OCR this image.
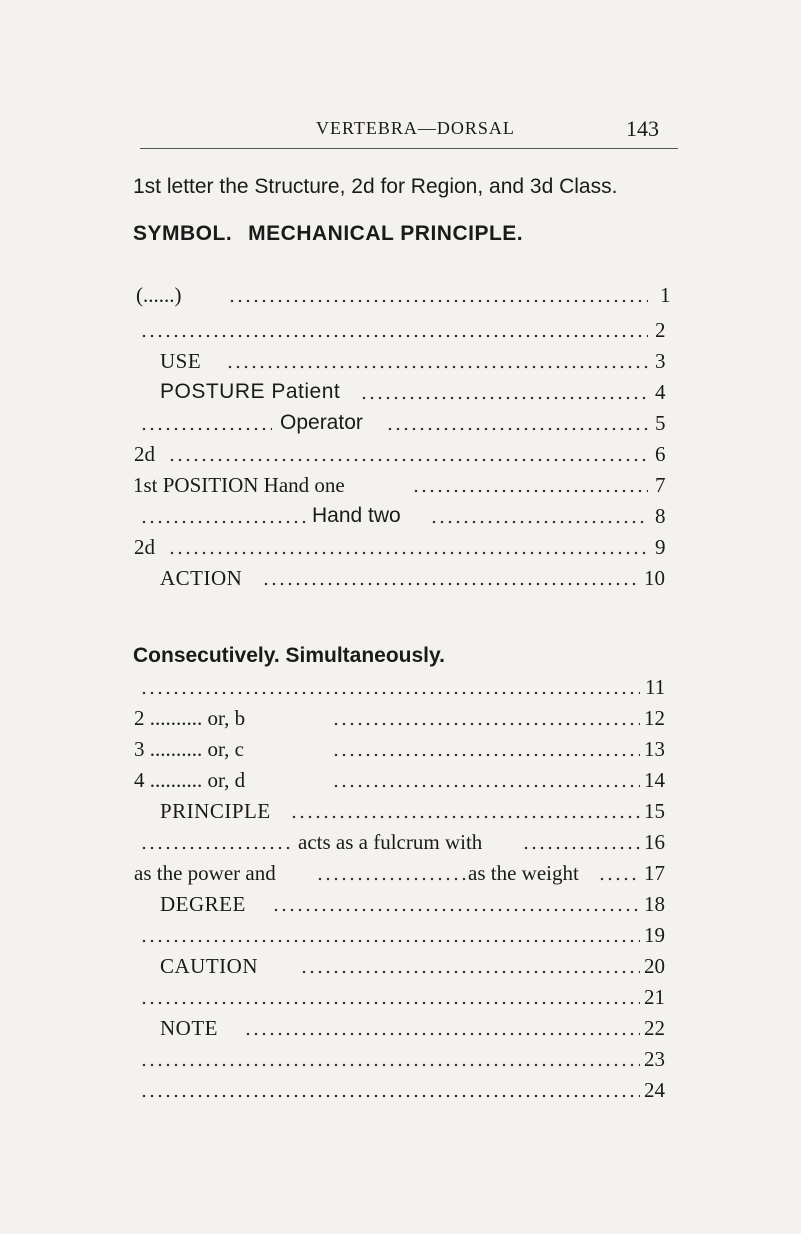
VERTEBRA—DORSAL	143
1st letter the Structure, 2d for Region, and 3d Class.
SYMBOL. MECHANICAL PRINCIPLE.
(......)	1
2
USE	3
POSTURE Patient	4
Operator	5
2d	6
1st POSITION Hand one	7
Hand two	8
2d	9
ACTION	10
Consecutively. Simultaneously.
11
2 .......... or, b	12
3 .......... or, c	13
4 .......... or, d	14
PRINCIPLE	15
acts as a fulcrum with	16
as the power and	as the weight	17
DEGREE	18
19
CAUTION	20
21
NOTE	22
23
24
